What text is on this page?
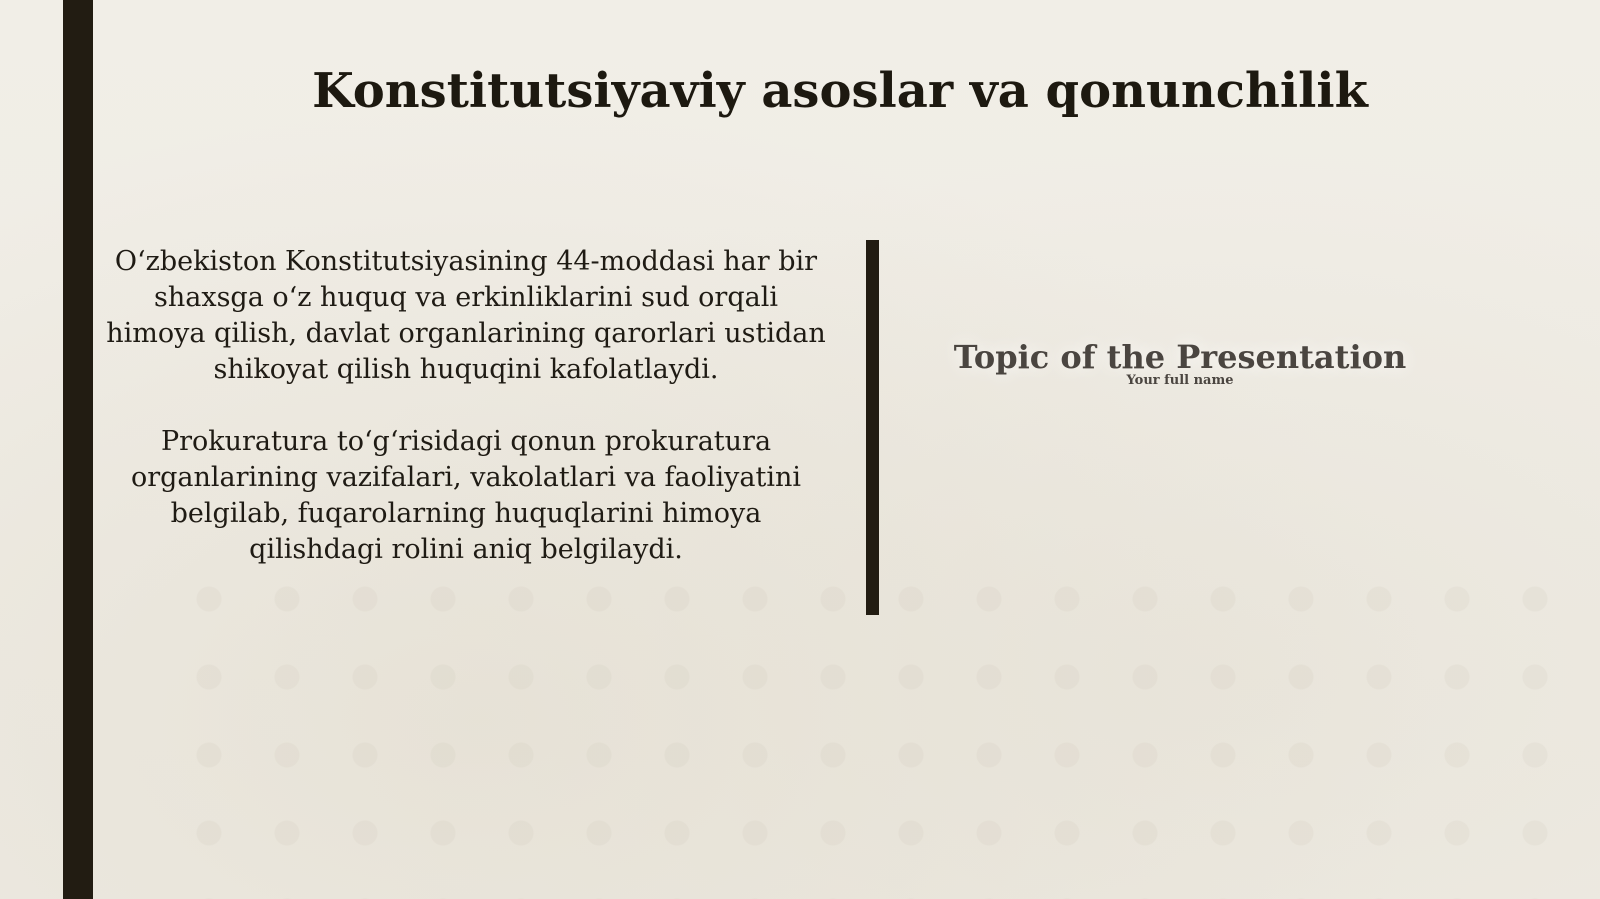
Konstitutsiyaviy asoslar va qonunchilik

O‘zbekiston Konstitutsiyasining 44-moddasi har bir shaxsga o‘z huquq va erkinliklarini sud orqali himoya qilish, davlat organlarining qarorlari ustidan shikoyat qilish huquqini kafolatlaydi.

Prokuratura to‘g‘risidagi qonun prokuratura organlarining vazifalari, vakolatlari va faoliyatini belgilab, fuqarolarning huquqlarini himoya qilishdagi rolini aniq belgilaydi.

Topic of the Presentation
Your full name
